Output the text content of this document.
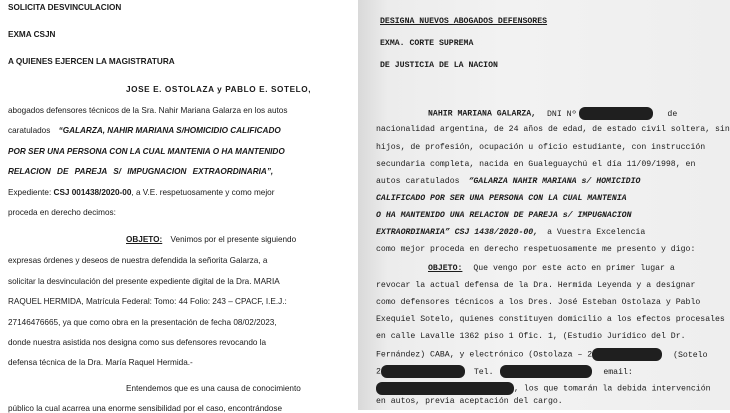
SOLICITA DESVINCULACION
EXMA CSJN
A QUIENES EJERCEN LA MAGISTRATURA
JOSE E. OSTOLAZA y PABLO E. SOTELO,
abogados defensores técnicos de la Sra. Nahir Mariana Galarza en los autos
caratulados “GALARZA, NAHIR MARIANA S/HOMICIDIO CALIFICADO
POR SER UNA PERSONA CON LA CUAL MANTENIA O HA MANTENIDO
RELACION DE PAREJA S/ IMPUGNACION EXTRAORDINARIA”,
Expediente: CSJ 001438/2020-00, a V.E. respetuosamente y como mejor
proceda en derecho decimos:
OBJETO: Venimos por el presente siguiendo
expresas órdenes y deseos de nuestra defendida la señorita Galarza, a
solicitar la desvinculación del presente expediente digital de la Dra. MARIA
RAQUEL HERMIDA, Matrícula Federal: Tomo: 44 Folio: 243 – CPACF, I.E.J.:
27146476665, ya que como obra en la presentación de fecha 08/02/2023,
donde nuestra asistida nos designa como sus defensores revocando la
defensa técnica de la Dra. María Raquel Hermida.-
Entendemos que es una causa de conocimiento
público la cual acarrea una enorme sensibilidad por el caso, encontrándose
DESIGNA NUEVOS ABOGADOS DEFENSORES
EXMA. CORTE SUPREMA
DE JUSTICIA DE LA NACION
NAHIR MARIANA GALARZA, DNI Nº	de
nacionalidad argentina, de 24 años de edad, de estado civil soltera, sin
hijos, de profesión, ocupación u oficio estudiante, con instrucción
secundaria completa, nacida en Gualeguaychú el día 11/09/1998, en
autos caratulados “GALARZA NAHIR MARIANA s/ HOMICIDIO
CALIFICADO POR SER UNA PERSONA CON LA CUAL MANTENIA
O HA MANTENIDO UNA RELACION DE PAREJA s/ IMPUGNACION
EXTRAORDINARIA” CSJ 1438/2020-00, a Vuestra Excelencia
como mejor proceda en derecho respetuosamente me presento y digo:
OBJETO: Que vengo por este acto en primer lugar a
revocar la actual defensa de la Dra. Hermida Leyenda y a designar
como defensores técnicos a los Dres. José Esteban Ostolaza y Pablo
Exequiel Sotelo, quienes constituyen domicilio a los efectos procesales
en calle Lavalle 1362 piso 1 Ofic. 1, (Estudio Jurídico del Dr.
Fernández) CABA, y electrónico (Ostolaza – 2	(Sotelo
2	Tel.	email:
, los que tomarán la debida intervención
en autos, previa aceptación del cargo.
